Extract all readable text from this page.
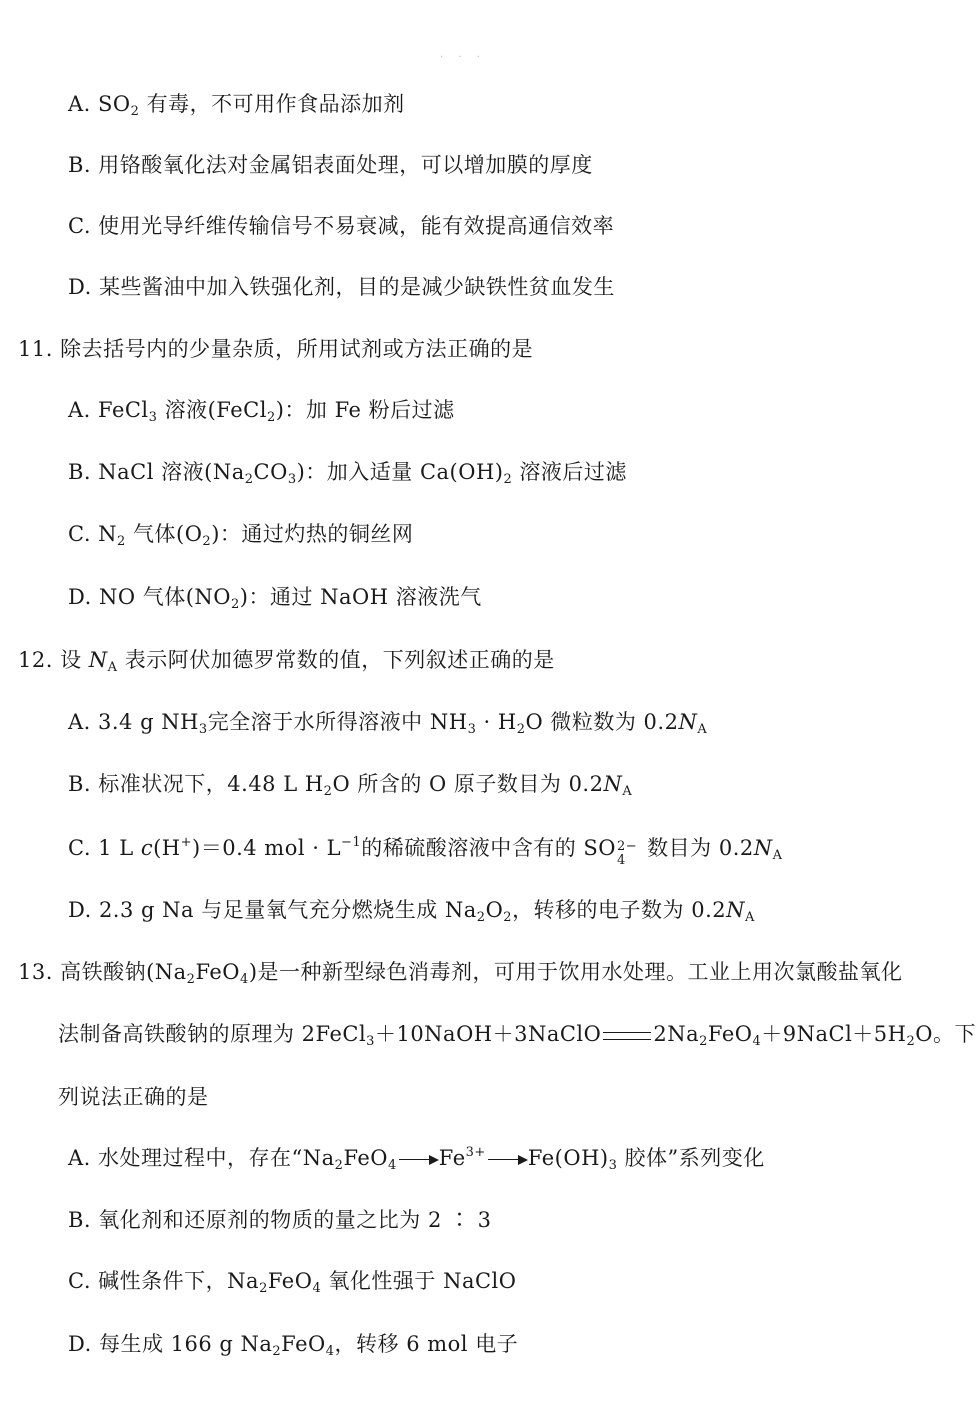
· · ·
A. $SO_2$ 有毒，不可用作食品添加剂
B. 用铬酸氧化法对金属铝表面处理，可以增加膜的厚度
C. 使用光导纤维传输信号不易衰减，能有效提高通信效率
D. 某些酱油中加入铁强化剂，目的是减少缺铁性贫血发生
11. 除去括号内的少量杂质，所用试剂或方法正确的是
A. FeCl$_3$ 溶液(FeCl$_2$)：加 Fe 粉后过滤
B. NaCl 溶液$(Na_2CO_3)$：加入适量 $Ca(OH)_2$ 溶液后过滤
C. $N_2$ 气体$(O_2)$：通过灼热的铜丝网
D. NO 气体$(NO_2)$：通过 NaOH 溶液洗气
12. 设 $N_A$ 表示阿伏加德罗常数的值，下列叙述正确的是
A. 3.4 g $NH_3$完全溶于水所得溶液中 $NH_3 \cdot H_2O$ 微粒数为 $0.2N_A$
B. 标准状况下，4.48 L $H_2O$ 所含的 O 原子数目为 $0.2N_A$
C. 1 L c(H+)＝0.4 mol · $L^{-1}$的稀硫酸溶液中含有的 SO 2−
4
数目为 $0.2N_A$
D. 2.3 g Na 与足量氧气充分燃烧生成 $Na_2O_2$，转移的电子数为 $0.2N_A$
13. 高铁酸钠$(Na_2FeO_4)$是一种新型绿色消毒剂，可用于饮用水处理。工业上用次氯酸盐氧化
法制备高铁酸钠的原理为 2FeCl$_3$＋10NaOH＋3NaClO $2Na_2FeO_4+9NaCl+5H_2O$。下
列说法正确的是
A. 水处理过程中，存在“$Na_2FeO_4$ $Fe^{3+}$ $Fe(OH)_3$ 胶体”系列变化
B. 氧化剂和还原剂的物质的量之比为 2 ∶ 3
C. 碱性条件下，$Na_2FeO_4$ 氧化性强于 NaClO
D. 每生成 166 g $Na_2FeO_4$，转移 6 mol 电子
